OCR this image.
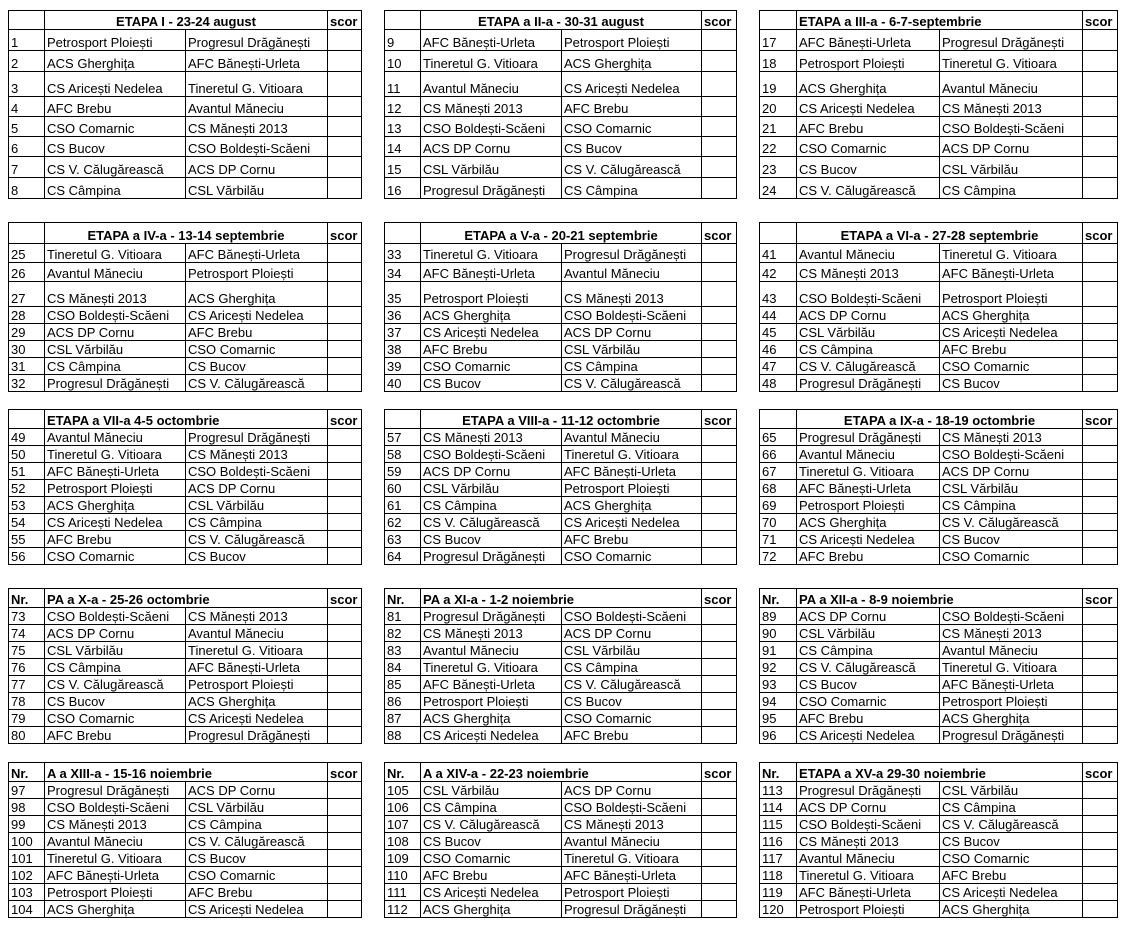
	ETAPA I - 23-24 august		scor
1	Petrosport Ploiești	Progresul Drăgănești	
2	ACS Gherghița	AFC Bănești-Urleta	
3	CS Aricești Nedelea	Tineretul G. Vitioara	
4	AFC Brebu	Avantul Măneciu	
5	CSO Comarnic	CS Mănești 2013	
6	CS Bucov	CSO Boldești-Scăeni	
7	CS V. Călugărească	ACS DP Cornu	
8	CS Câmpina	CSL Vărbilău	
	ETAPA a II-a - 30-31 august		scor
9	AFC Bănești-Urleta	Petrosport Ploiești	
10	Tineretul G. Vitioara	ACS Gherghița	
11	Avantul Măneciu	CS Aricești Nedelea	
12	CS Mănești 2013	AFC Brebu	
13	CSO Boldești-Scăeni	CSO Comarnic	
14	ACS DP Cornu	CS Bucov	
15	CSL Vărbilău	CS V. Călugărească	
16	Progresul Drăgănești	CS Câmpina	
	ETAPA a III-a - 6-7-septembrie		scor
17	AFC Bănești-Urleta	Progresul Drăgănești	
18	Petrosport Ploiești	Tineretul G. Vitioara	
19	ACS Gherghița	Avantul Măneciu	
20	CS Aricești Nedelea	CS Mănești 2013	
21	AFC Brebu	CSO Boldești-Scăeni	
22	CSO Comarnic	ACS DP Cornu	
23	CS Bucov	CSL Vărbilău	
24	CS V. Călugărească	CS Câmpina	
	ETAPA a IV-a - 13-14 septembrie		scor
25	Tineretul G. Vitioara	AFC Bănești-Urleta	
26	Avantul Măneciu	Petrosport Ploiești	
27	CS Mănești 2013	ACS Gherghița	
28	CSO Boldești-Scăeni	CS Aricești Nedelea	
29	ACS DP Cornu	AFC Brebu	
30	CSL Vărbilău	CSO Comarnic	
31	CS Câmpina	CS Bucov	
32	Progresul Drăgănești	CS V. Călugărească	
	ETAPA a V-a - 20-21 septembrie		scor
33	Tineretul G. Vitioara	Progresul Drăgănești	
34	AFC Bănești-Urleta	Avantul Măneciu	
35	Petrosport Ploiești	CS Mănești 2013	
36	ACS Gherghița	CSO Boldești-Scăeni	
37	CS Aricești Nedelea	ACS DP Cornu	
38	AFC Brebu	CSL Vărbilău	
39	CSO Comarnic	CS Câmpina	
40	CS Bucov	CS V. Călugărească	
	ETAPA a VI-a - 27-28 septembrie		scor
41	Avantul Măneciu	Tineretul G. Vitioara	
42	CS Mănești 2013	AFC Bănești-Urleta	
43	CSO Boldești-Scăeni	Petrosport Ploiești	
44	ACS DP Cornu	ACS Gherghița	
45	CSL Vărbilău	CS Aricești Nedelea	
46	CS Câmpina	AFC Brebu	
47	CS V. Călugărească	CSO Comarnic	
48	Progresul Drăgănești	CS Bucov	
	ETAPA a VII-a 4-5 octombrie		scor
49	Avantul Măneciu	Progresul Drăgănești	
50	Tineretul G. Vitioara	CS Mănești 2013	
51	AFC Bănești-Urleta	CSO Boldești-Scăeni	
52	Petrosport Ploiești	ACS DP Cornu	
53	ACS Gherghița	CSL Vărbilău	
54	CS Aricești Nedelea	CS Câmpina	
55	AFC Brebu	CS V. Călugărească	
56	CSO Comarnic	CS Bucov	
	ETAPA a VIII-a - 11-12 octombrie		scor
57	CS Mănești 2013	Avantul Măneciu	
58	CSO Boldești-Scăeni	Tineretul G. Vitioara	
59	ACS DP Cornu	AFC Bănești-Urleta	
60	CSL Vărbilău	Petrosport Ploiești	
61	CS Câmpina	ACS Gherghița	
62	CS V. Călugărească	CS Aricești Nedelea	
63	CS Bucov	AFC Brebu	
64	Progresul Drăgănești	CSO Comarnic	
	ETAPA a IX-a - 18-19 octombrie		scor
65	Progresul Drăgănești	CS Mănești 2013	
66	Avantul Măneciu	CSO Boldești-Scăeni	
67	Tineretul G. Vitioara	ACS DP Cornu	
68	AFC Bănești-Urleta	CSL Vărbilău	
69	Petrosport Ploiești	CS Câmpina	
70	ACS Gherghița	CS V. Călugărească	
71	CS Aricești Nedelea	CS Bucov	
72	AFC Brebu	CSO Comarnic	
Nr.	PA a X-a - 25-26 octombrie		scor
73	CSO Boldești-Scăeni	CS Mănești 2013	
74	ACS DP Cornu	Avantul Măneciu	
75	CSL Vărbilău	Tineretul G. Vitioara	
76	CS Câmpina	AFC Bănești-Urleta	
77	CS V. Călugărească	Petrosport Ploiești	
78	CS Bucov	ACS Gherghița	
79	CSO Comarnic	CS Aricești Nedelea	
80	AFC Brebu	Progresul Drăgănești	
Nr.	PA a XI-a - 1-2 noiembrie		scor
81	Progresul Drăgănești	CSO Boldești-Scăeni	
82	CS Mănești 2013	ACS DP Cornu	
83	Avantul Măneciu	CSL Vărbilău	
84	Tineretul G. Vitioara	CS Câmpina	
85	AFC Bănești-Urleta	CS V. Călugărească	
86	Petrosport Ploiești	CS Bucov	
87	ACS Gherghița	CSO Comarnic	
88	CS Aricești Nedelea	AFC Brebu	
Nr.	PA a XII-a - 8-9 noiembrie		scor
89	ACS DP Cornu	CSO Boldești-Scăeni	
90	CSL Vărbilău	CS Mănești 2013	
91	CS Câmpina	Avantul Măneciu	
92	CS V. Călugărească	Tineretul G. Vitioara	
93	CS Bucov	AFC Bănești-Urleta	
94	CSO Comarnic	Petrosport Ploiești	
95	AFC Brebu	ACS Gherghița	
96	CS Aricești Nedelea	Progresul Drăgănești	
Nr.	A a XIII-a - 15-16 noiembrie		scor
97	Progresul Drăgănești	ACS DP Cornu	
98	CSO Boldești-Scăeni	CSL Vărbilău	
99	CS Mănești 2013	CS Câmpina	
100	Avantul Măneciu	CS V. Călugărească	
101	Tineretul G. Vitioara	CS Bucov	
102	AFC Bănești-Urleta	CSO Comarnic	
103	Petrosport Ploiești	AFC Brebu	
104	ACS Gherghița	CS Aricești Nedelea	
Nr.	A a XIV-a - 22-23 noiembrie		scor
105	CSL Vărbilău	ACS DP Cornu	
106	CS Câmpina	CSO Boldești-Scăeni	
107	CS V. Călugărească	CS Mănești 2013	
108	CS Bucov	Avantul Măneciu	
109	CSO Comarnic	Tineretul G. Vitioara	
110	AFC Brebu	AFC Bănești-Urleta	
111	CS Aricești Nedelea	Petrosport Ploiești	
112	ACS Gherghița	Progresul Drăgănești	
Nr.	ETAPA a XV-a 29-30 noiembrie		scor
113	Progresul Drăgănești	CSL Vărbilău	
114	ACS DP Cornu	CS Câmpina	
115	CSO Boldești-Scăeni	CS V. Călugărească	
116	CS Mănești 2013	CS Bucov	
117	Avantul Măneciu	CSO Comarnic	
118	Tineretul G. Vitioara	AFC Brebu	
119	AFC Bănești-Urleta	CS Aricești Nedelea	
120	Petrosport Ploiești	ACS Gherghița	
